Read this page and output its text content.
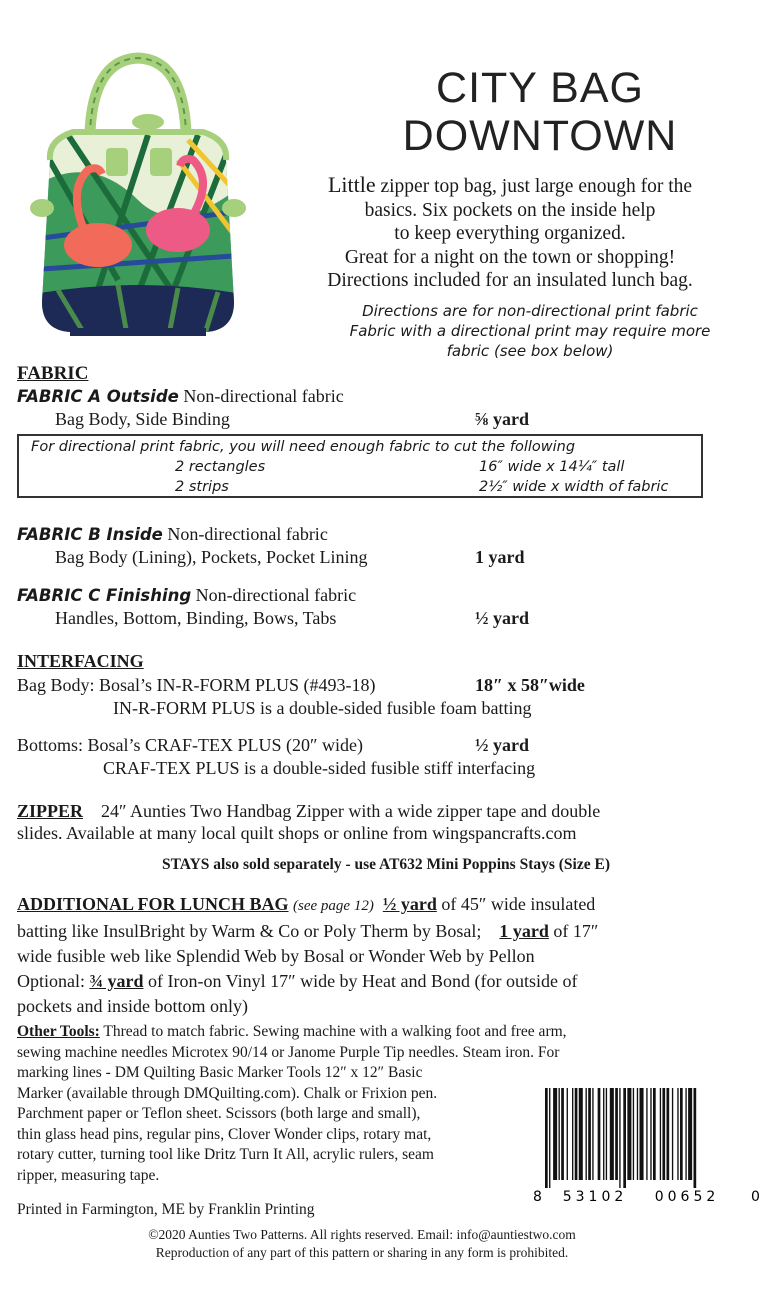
CITY BAG
DOWNTOWN
Little zipper top bag, just large enough for the
basics. Six pockets on the inside help
to keep everything organized.
Great for a night on the town or shopping!
Directions included for an insulated lunch bag.
Directions are for non-directional print fabric
Fabric with a directional print may require more
fabric (see box below)
FABRIC
FABRIC A Outside Non-directional fabric
Bag Body, Side Binding	⅝ yard
For directional print fabric, you will need enough fabric to cut the following
2 rectangles	16″ wide x 14¼″ tall
2 strips	2½″ wide x width of fabric
FABRIC B Inside Non-directional fabric
Bag Body (Lining), Pockets, Pocket Lining	1 yard
FABRIC C Finishing Non-directional fabric
Handles, Bottom, Binding, Bows, Tabs	½ yard
INTERFACING
Bag Body: Bosal’s IN-R-FORM PLUS (#493-18)	18″ x 58″wide
IN-R-FORM PLUS is a double-sided fusible foam batting
Bottoms: Bosal’s CRAF-TEX PLUS (20″ wide)	½ yard
CRAF-TEX PLUS is a double-sided fusible stiff interfacing
ZIPPER 24″ Aunties Two Handbag Zipper with a wide zipper tape and double
slides. Available at many local quilt shops or online from wingspancrafts.com
STAYS also sold separately - use AT632 Mini Poppins Stays (Size E)
ADDITIONAL FOR LUNCH BAG (see page 12) ½ yard of 45″ wide insulated
batting like InsulBright by Warm & Co or Poly Therm by Bosal; 1 yard of 17″
wide fusible web like Splendid Web by Bosal or Wonder Web by Pellon
Optional: ¾ yard of Iron-on Vinyl 17″ wide by Heat and Bond (for outside of
pockets and inside bottom only)
Other Tools: Thread to match fabric. Sewing machine with a walking foot and free arm,
sewing machine needles Microtex 90/14 or Janome Purple Tip needles. Steam iron. For
marking lines - DM Quilting Basic Marker Tools 12″ x 12″ Basic
Marker (available through DMQuilting.com). Chalk or Frixion pen.
Parchment paper or Teflon sheet. Scissors (both large and small),
thin glass head pins, regular pins, Clover Wonder clips, rotary mat,
rotary cutter, turning tool like Dritz Turn It All, acrylic rulers, seam
ripper, measuring tape.
8 53102 00652 0
Printed in Farmington, ME by Franklin Printing
©2020 Aunties Two Patterns. All rights reserved. Email: info@auntiestwo.com
Reproduction of any part of this pattern or sharing in any form is prohibited.
